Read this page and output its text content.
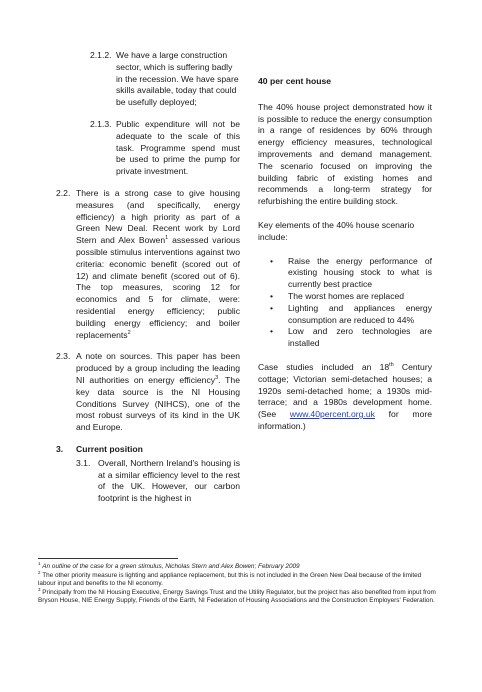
2.1.2. We have a large construction sector, which is suffering badly in the recession. We have spare skills available, today that could be usefully deployed;
2.1.3. Public expenditure will not be adequate to the scale of this task. Programme spend must be used to prime the pump for private investment.
2.2. There is a strong case to give housing measures (and specifically, energy efficiency) a high priority as part of a Green New Deal. Recent work by Lord Stern and Alex Bowen$^1$ assessed various possible stimulus interventions against two criteria: economic benefit (scored out of 12) and climate benefit (scored out of 6). The top measures, scoring 12 for economics and 5 for climate, were: residential energy efficiency; public building energy efficiency; and boiler replacements$^2$
2.3. A note on sources. This paper has been produced by a group including the leading NI authorities on energy efficiency$^3$. The key data source is the NI Housing Conditions Survey (NIHCS), one of the most robust surveys of its kind in the UK and Europe.
3.	Current position
3.1. Overall, Northern Ireland's housing is at a similar efficiency level to the rest of the UK. However, our carbon footprint is the highest in
40 per cent house

The 40% house project demonstrated how it is possible to reduce the energy consumption in a range of residences by 60% through energy efficiency measures, technological improvements and demand management. The scenario focused on improving the building fabric of existing homes and recommends a long-term strategy for refurbishing the entire building stock.

Key elements of the 40% house scenario include:

• Raise the energy performance of existing housing stock to what is currently best practice
• The worst homes are replaced
• Lighting and appliances energy consumption are reduced to 44%
• Low and zero technologies are installed

Case studies included an 18th Century cottage; Victorian semi-detached houses; a 1920s semi-detached home; a 1930s mid-terrace; and a 1980s development home. (See www.40percent.org.uk for more information.)

$^1$ An outline of the case for a green stimulus, Nicholas Stern and Alex Bowen; February 2009

$^2$ The other priority measure is lighting and appliance replacement, but this is not included in the Green New Deal because of the limited labour input and benefits to the NI economy.

$^3$ Principally from the NI Housing Executive, Energy Savings Trust and the Utility Regulator, but the project has also benefited from input from Bryson House, NIE Energy Supply, Friends of the Earth, NI Federation of Housing Associations and the Construction Employers' Federation.
